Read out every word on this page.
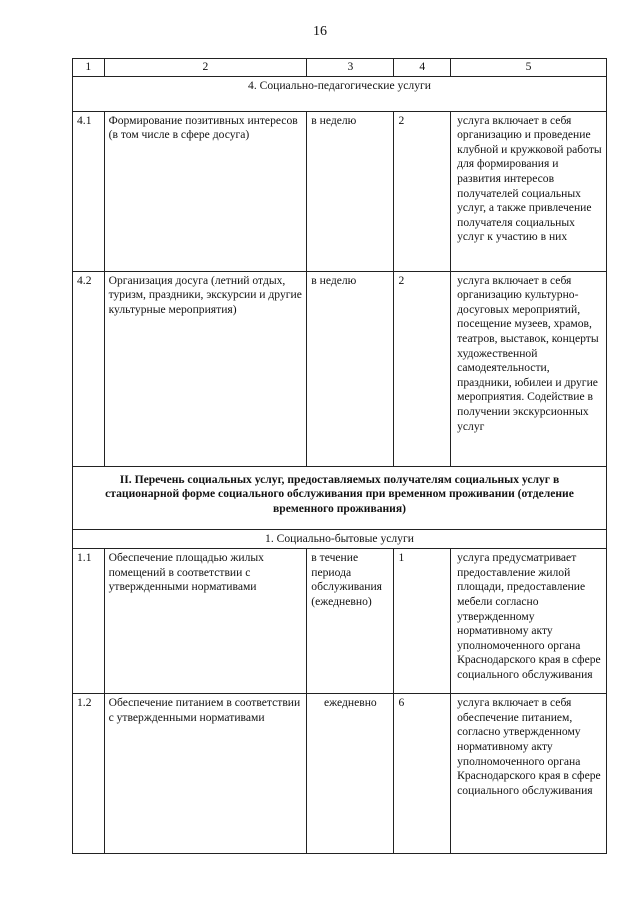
16
1	2	3	4	5
4. Социально-педагогические услуги				
4.1	Формирование позитивных интересов (в том числе в сфере досуга)	в неделю	2	услуга включает в себя организацию и проведение клубной и кружковой работы для формирования и развития интересов получателей социальных услуг, а также привлечение получателя социальных услуг к участию в них
4.2	Организация досуга (летний отдых, туризм, праздники, экскурсии и другие культурные мероприятия)	в неделю	2	услуга включает в себя организацию культурно-досуговых мероприятий, посещение музеев, храмов, театров, выставок, концерты художественной самодеятельности, праздники, юбилеи и другие мероприятия. Содействие в получении экскурсионных услуг
II. Перечень социальных услуг, предоставляемых получателям социальных услуг в стационарной форме социального обслуживания при временном проживании (отделение временного проживания)				
1. Социально-бытовые услуги				
1.1	Обеспечение площадью жилых помещений в соответствии с утвержденными нормативами	в течение периода обслуживания (ежедневно)	1	услуга предусматривает предоставление жилой площади, предоставление мебели согласно утвержденному нормативному акту уполномоченного органа Краснодарского края в сфере социального обслуживания
1.2	Обеспечение питанием в соответствии с утвержденными нормативами	ежедневно	6	услуга включает в себя обеспечение питанием, согласно утвержденному нормативному акту уполномоченного органа Краснодарского края в сфере социального обслуживания
